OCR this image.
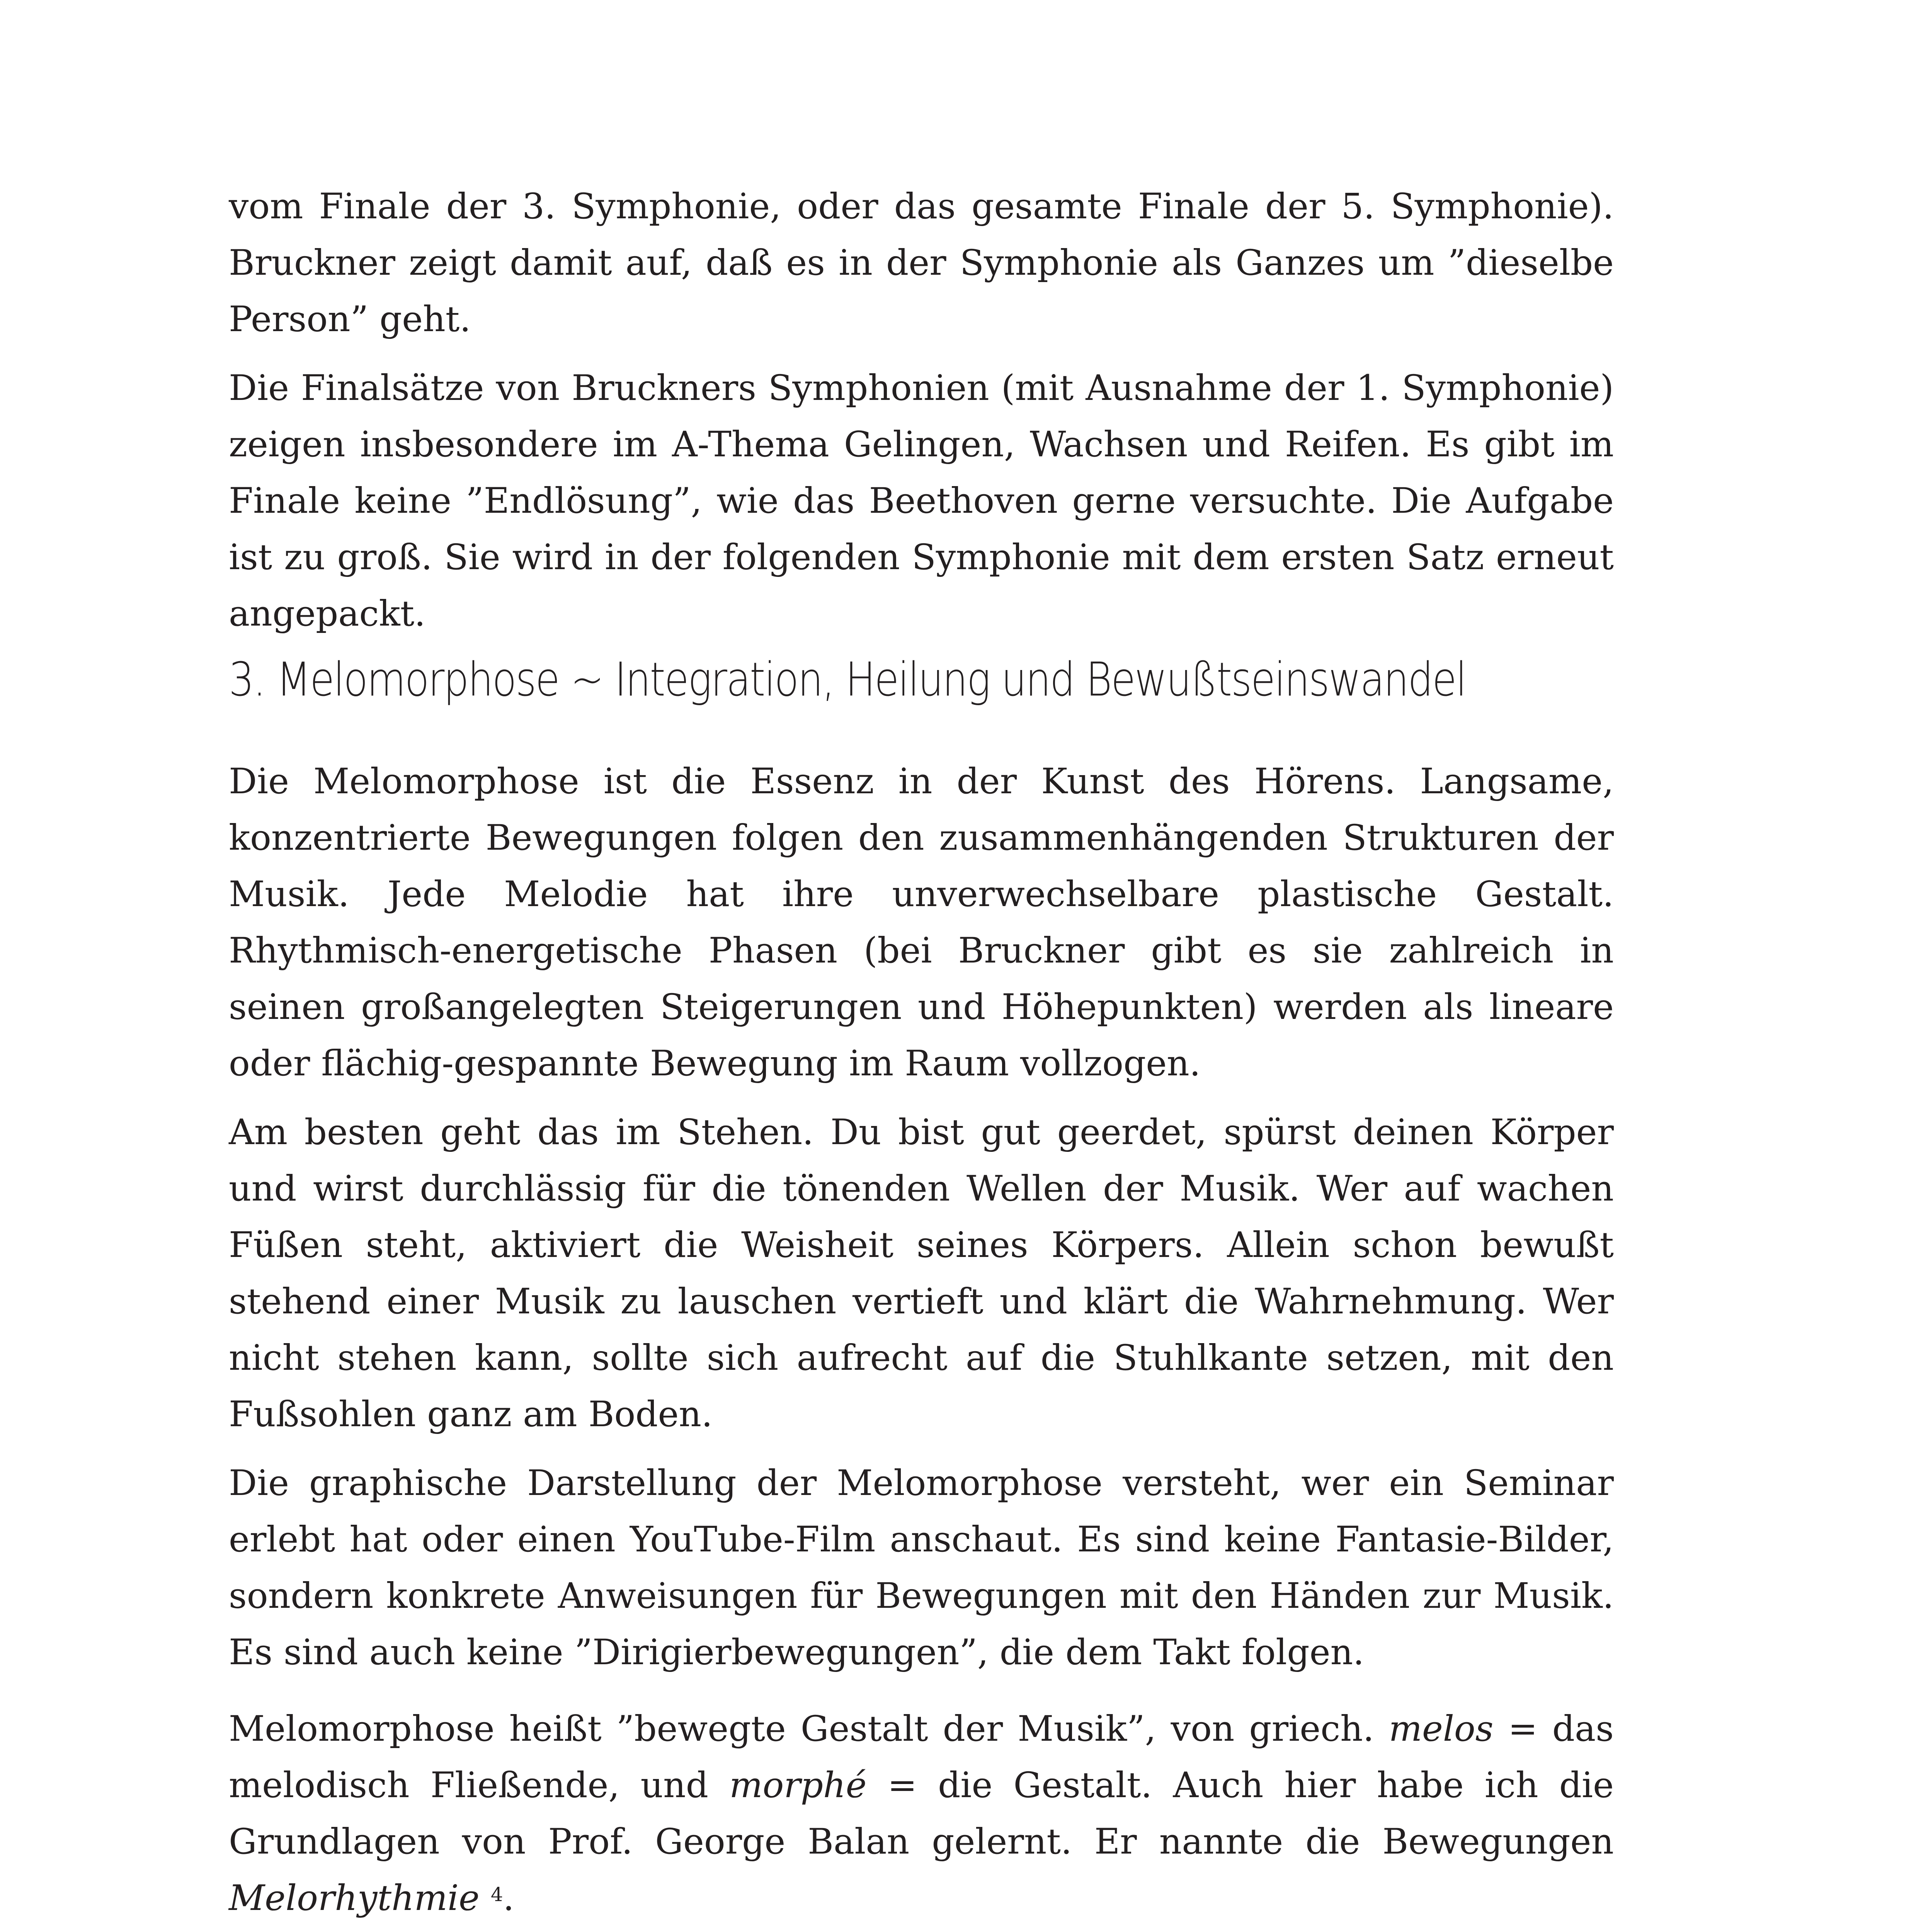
vom Finale der 3. Symphonie, oder das gesamte Finale der 5. Symphonie). Bruckner zeigt damit auf, daß es in der Symphonie als Ganzes um ”dieselbe Person” geht.

Die Finalsätze von Bruckners Symphonien (mit Ausnahme der 1. Symphonie) zeigen insbesondere im A-Thema Gelingen, Wachsen und Reifen. Es gibt im Finale keine ”Endlösung”, wie das Beethoven gerne versuchte. Die Aufgabe ist zu groß. Sie wird in der folgenden Symphonie mit dem ersten Satz erneut angepackt.

3. Melomorphose ~ Integration, Heilung und Bewußtseinswandel

Die Melomorphose ist die Essenz in der Kunst des Hörens. Langsame, konzentrierte Bewegungen folgen den zusammenhängenden Strukturen der Musik. Jede Melodie hat ihre unverwechselbare plastische Gestalt. Rhythmisch-energetische Phasen (bei Bruckner gibt es sie zahlreich in seinen großangelegten Steigerungen und Höhepunkten) werden als lineare oder flächig-gespannte Bewegung im Raum vollzogen.

Am besten geht das im Stehen. Du bist gut geerdet, spürst deinen Körper und wirst durchlässig für die tönenden Wellen der Musik. Wer auf wachen Füßen steht, aktiviert die Weisheit seines Körpers. Allein schon bewußt stehend einer Musik zu lauschen vertieft und klärt die Wahrnehmung. Wer nicht stehen kann, sollte sich aufrecht auf die Stuhlkante setzen, mit den Fußsohlen ganz am Boden.

Die graphische Darstellung der Melomorphose versteht, wer ein Seminar erlebt hat oder einen YouTube-Film anschaut. Es sind keine Fantasie-Bilder, sondern konkrete Anweisungen für Bewegungen mit den Händen zur Musik. Es sind auch keine ”Dirigierbewegungen”, die dem Takt folgen.

Melomorphose heißt ”bewegte Gestalt der Musik”, von griech. melos = das melodisch Fließende, und morphé = die Gestalt. Auch hier habe ich die Grundlagen von Prof. George Balan gelernt. Er nannte die Bewegungen Melorhythmie $^4$.
